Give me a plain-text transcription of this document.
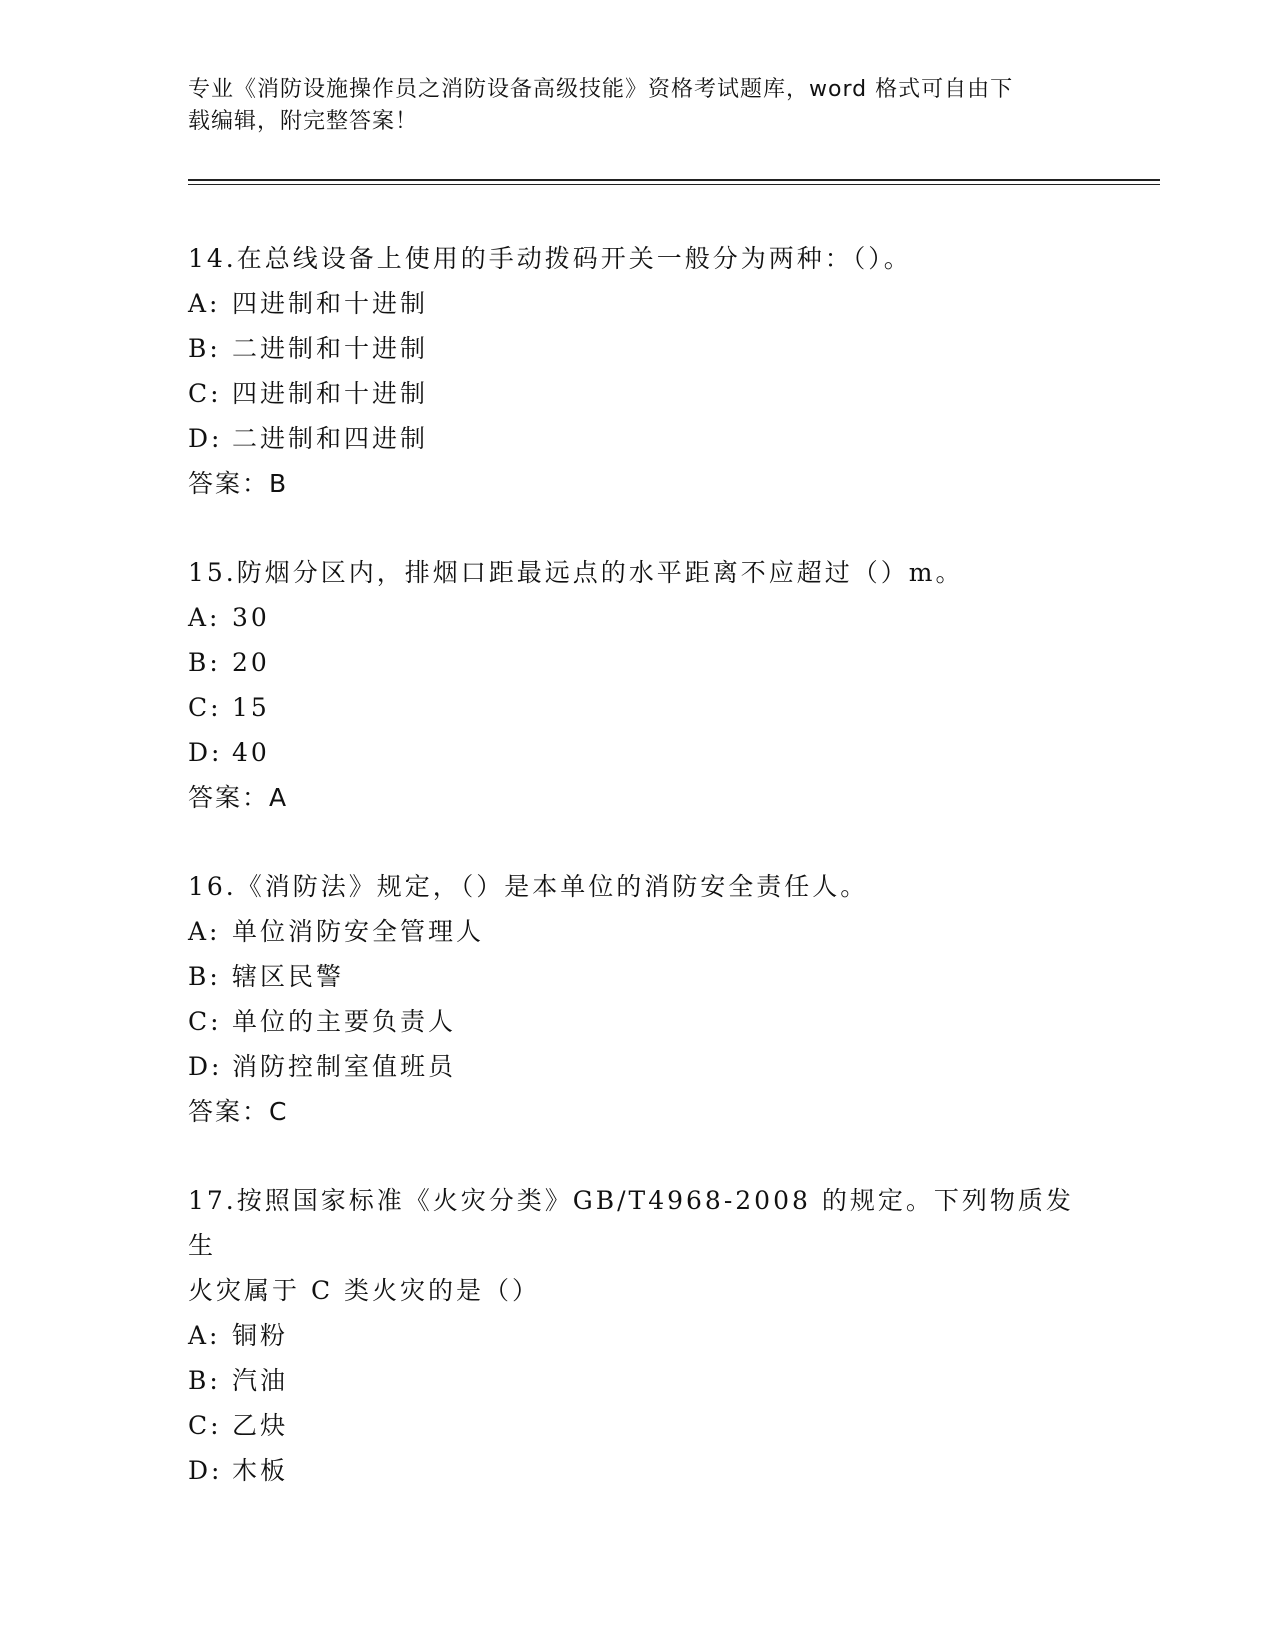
专业《消防设施操作员之消防设备高级技能》资格考试题库，word 格式可自由下
载编辑，附完整答案！

14.在总线设备上使用的手动拨码开关一般分为两种：（）。

A: 四进制和十进制

B: 二进制和十进制

C: 四进制和十进制

D: 二进制和四进制

答案：B

15.防烟分区内，排烟口距最远点的水平距离不应超过（）m。

A: 30

B: 20

C: 15

D: 40

答案：A

16.《消防法》规定，（）是本单位的消防安全责任人。

A: 单位消防安全管理人

B: 辖区民警

C: 单位的主要负责人

D: 消防控制室值班员

答案：C

17.按照国家标准《火灾分类》GB/T4968-2008 的规定。下列物质发生

火灾属于 C 类火灾的是（）

A: 铜粉

B: 汽油

C: 乙炔

D: 木板
